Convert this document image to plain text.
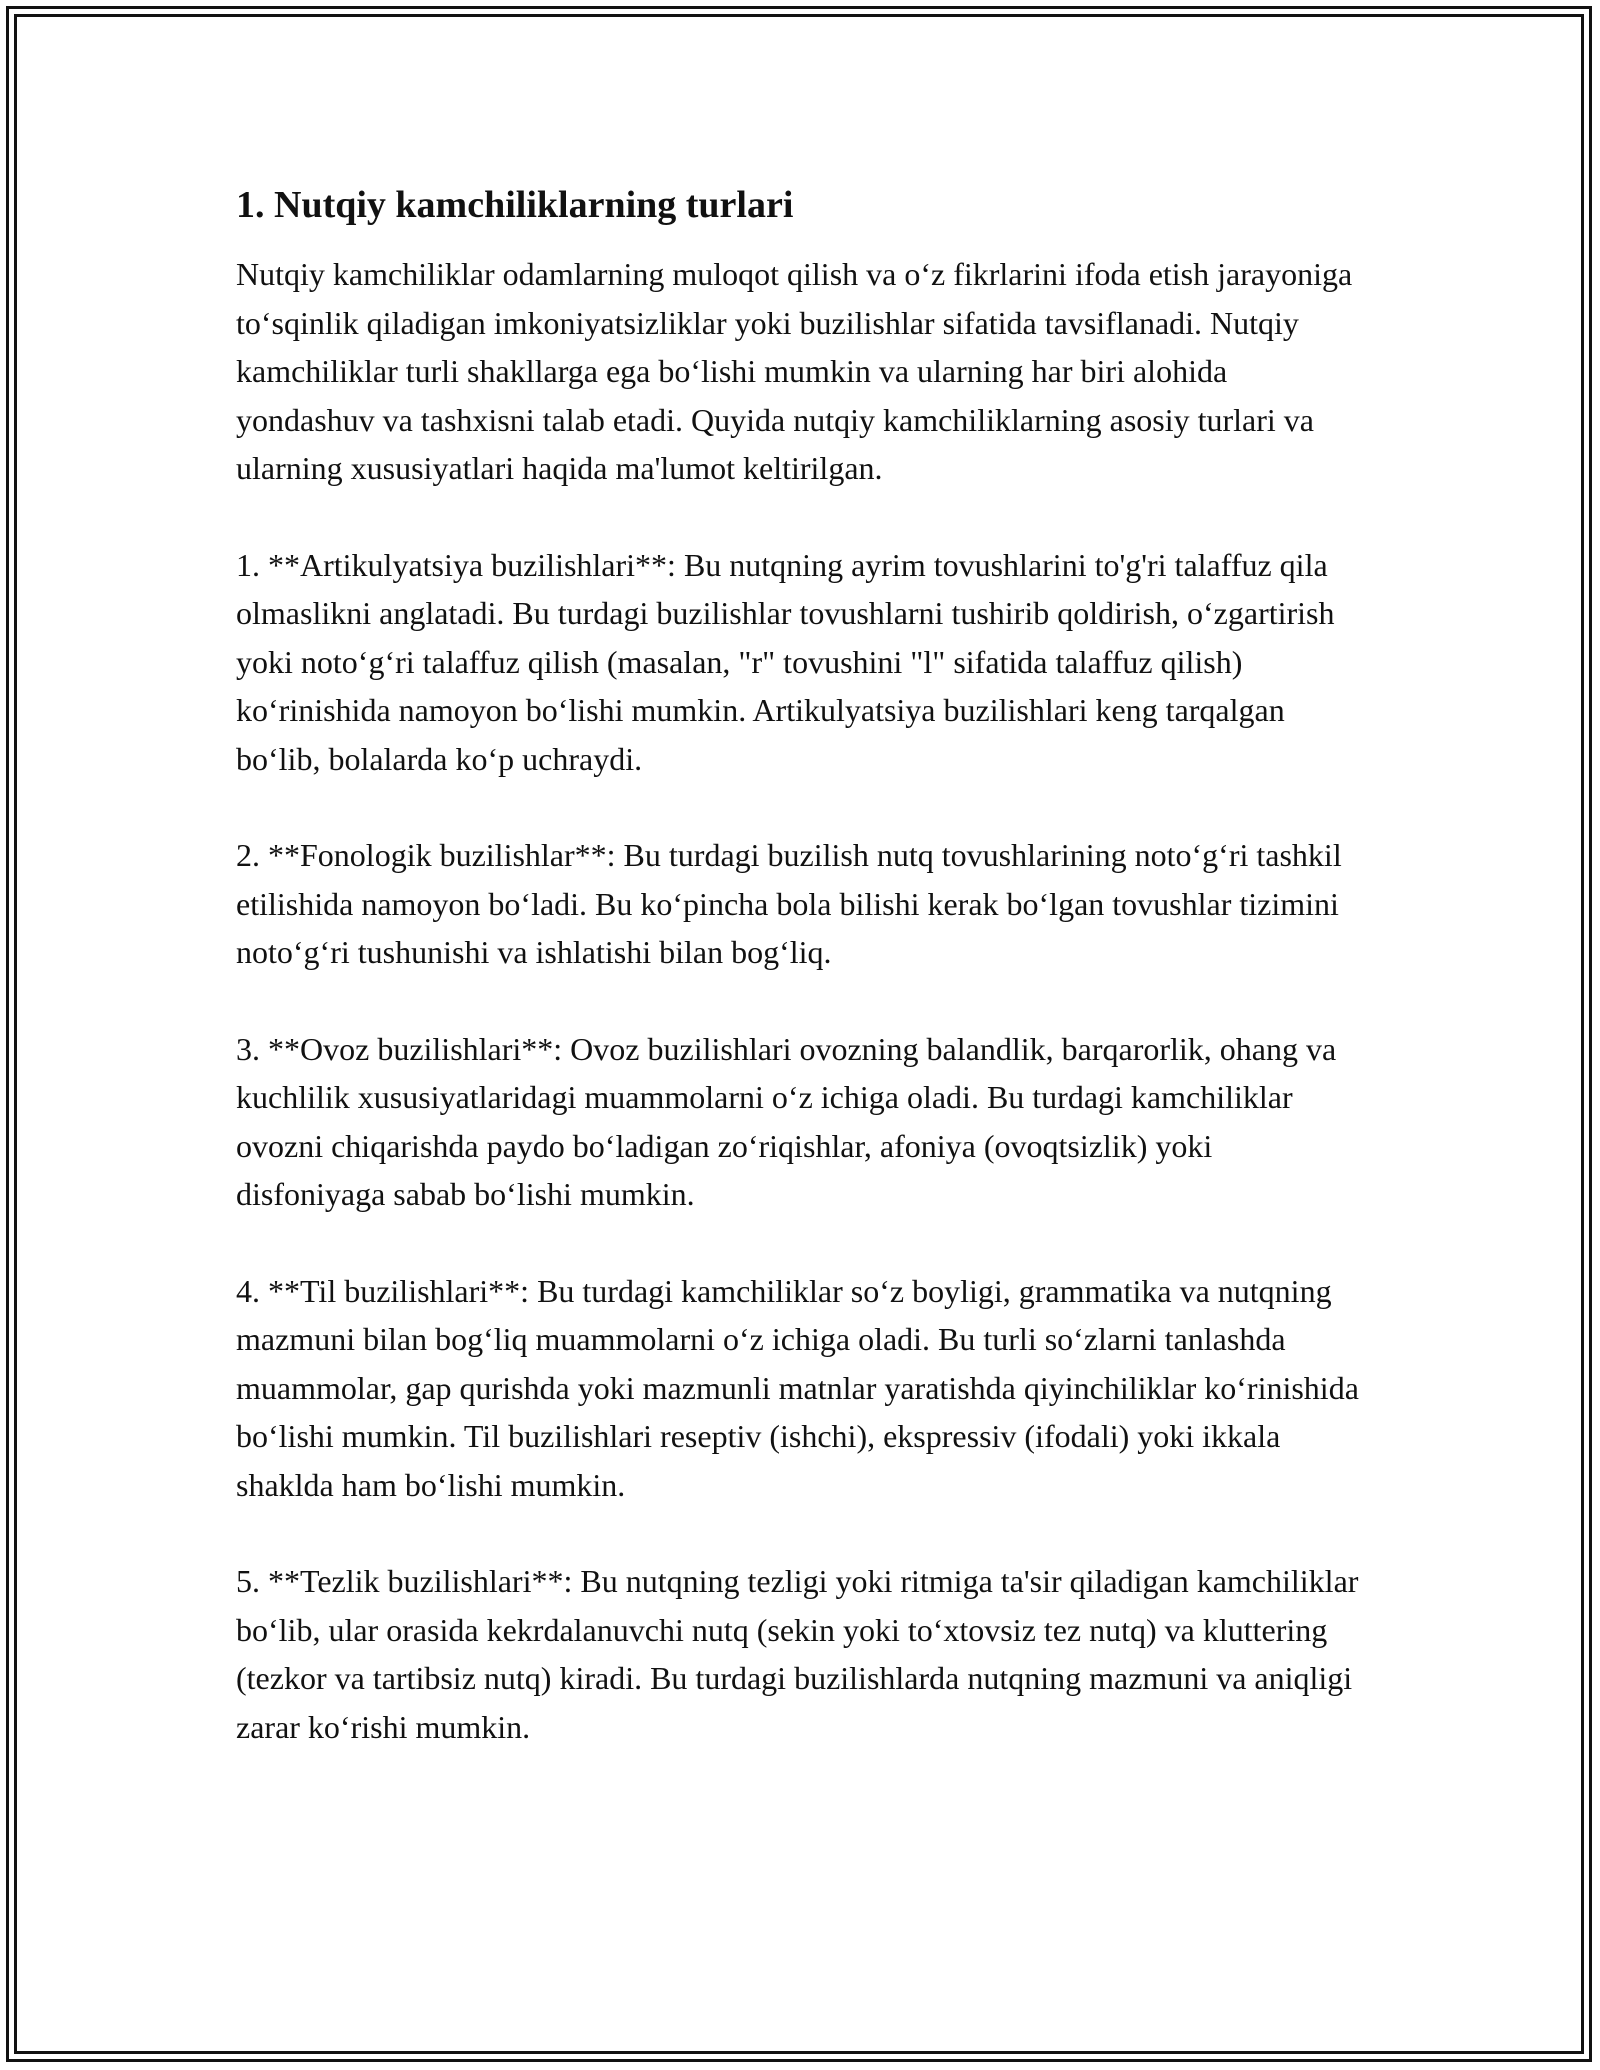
1. Nutqiy kamchiliklarning turlari

Nutqiy kamchiliklar odamlarning muloqot qilish va o‘z fikrlarini ifoda etish jarayoniga to‘sqinlik qiladigan imkoniyatsizliklar yoki buzilishlar sifatida tavsiflanadi. Nutqiy kamchiliklar turli shakllarga ega bo‘lishi mumkin va ularning har biri alohida yondashuv va tashxisni talab etadi. Quyida nutqiy kamchiliklarning asosiy turlari va ularning xususiyatlari haqida ma'lumot keltirilgan.

1. **Artikulyatsiya buzilishlari**: Bu nutqning ayrim tovushlarini to'g'ri talaffuz qila olmaslikni anglatadi. Bu turdagi buzilishlar tovushlarni tushirib qoldirish, o‘zgartirish yoki noto‘g‘ri talaffuz qilish (masalan, "r" tovushini "l" sifatida talaffuz qilish) ko‘rinishida namoyon bo‘lishi mumkin. Artikulyatsiya buzilishlari keng tarqalgan bo‘lib, bolalarda ko‘p uchraydi.

2. **Fonologik buzilishlar**: Bu turdagi buzilish nutq tovushlarining noto‘g‘ri tashkil etilishida namoyon bo‘ladi. Bu ko‘pincha bola bilishi kerak bo‘lgan tovushlar tizimini noto‘g‘ri tushunishi va ishlatishi bilan bog‘liq.

3. **Ovoz buzilishlari**: Ovoz buzilishlari ovozning balandlik, barqarorlik, ohang va kuchlilik xususiyatlaridagi muammolarni o‘z ichiga oladi. Bu turdagi kamchiliklar ovozni chiqarishda paydo bo‘ladigan zo‘riqishlar, afoniya (ovoqtsizlik) yoki disfoniyaga sabab bo‘lishi mumkin.

4. **Til buzilishlari**: Bu turdagi kamchiliklar so‘z boyligi, grammatika va nutqning mazmuni bilan bog‘liq muammolarni o‘z ichiga oladi. Bu turli so‘zlarni tanlashda muammolar, gap qurishda yoki mazmunli matnlar yaratishda qiyinchiliklar ko‘rinishida bo‘lishi mumkin. Til buzilishlari reseptiv (ishchi), ekspressiv (ifodali) yoki ikkala shaklda ham bo‘lishi mumkin.

5. **Tezlik buzilishlari**: Bu nutqning tezligi yoki ritmiga ta'sir qiladigan kamchiliklar bo‘lib, ular orasida kekrdalanuvchi nutq (sekin yoki to‘xtovsiz tez nutq) va kluttering (tezkor va tartibsiz nutq) kiradi. Bu turdagi buzilishlarda nutqning mazmuni va aniqligi zarar ko‘rishi mumkin.
